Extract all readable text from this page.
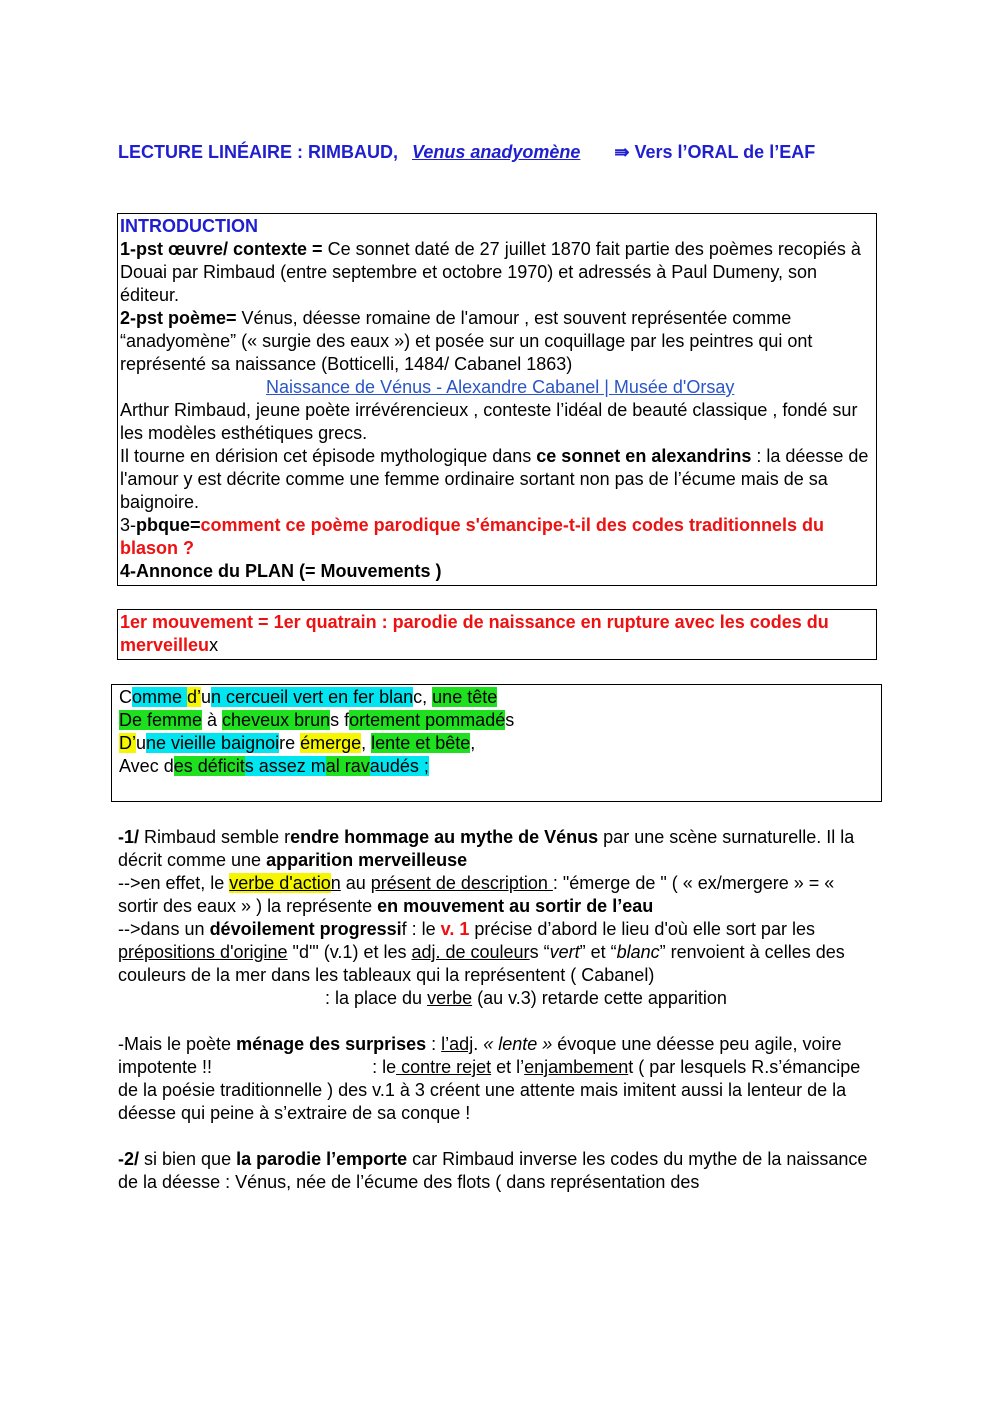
LECTURE LINÉAIRE : RIMBAUD, Venus anadyomène ⇛ Vers l’ORAL de l’EAF
INTRODUCTION

1-pst œuvre/ contexte = Ce sonnet daté de 27 juillet 1870 fait partie des poèmes recopiés à Douai par Rimbaud (entre septembre et octobre 1970) et adressés à Paul Dumeny, son éditeur.

2-pst poème= Vénus, déesse romaine de l'amour , est souvent représentée comme “anadyomène” (« surgie des eaux ») et posée sur un coquillage par les peintres qui ont représenté sa naissance (Botticelli, 1484/ Cabanel 1863)

Naissance de Vénus - Alexandre Cabanel | Musée d'Orsay

Arthur Rimbaud, jeune poète irrévérencieux , conteste l’idéal de beauté classique , fondé sur les modèles esthétiques grecs.

Il tourne en dérision cet épisode mythologique dans ce sonnet en alexandrins : la déesse de l'amour y est décrite comme une femme ordinaire sortant non pas de l’écume mais de sa baignoire.

3-pbque=comment ce poème parodique s'émancipe-t-il des codes traditionnels du blason ?

4-Annonce du PLAN (= Mouvements )

1er mouvement = 1er quatrain : parodie de naissance en rupture avec les codes du merveilleux
Comme d’un cercueil vert en fer blanc, une tête
De femme à cheveux bruns fortement pommadés
D’une vieille baignoire émerge, lente et bête,
Avec des déficits assez mal ravaudés ;

-1/ Rimbaud semble rendre hommage au mythe de Vénus par une scène surnaturelle. Il la décrit comme une apparition merveilleuse

-->en effet, le verbe d'action au présent de description : "émerge de " ( « ex/mergere » = « sortir des eaux » ) la représente en mouvement au sortir de l’eau

-->dans un dévoilement progressif : le v. 1 précise d’abord le lieu d'où elle sort par les prépositions d'origine "d'" (v.1) et les adj. de couleurs “vert” et “blanc” renvoient à celles des couleurs de la mer dans les tableaux qui la représentent ( Cabanel)

: la place du verbe (au v.3) retarde cette apparition

-Mais le poète ménage des surprises : l’adj. « lente » évoque une déesse peu agile, voire impotente !!	: le contre rejet et l’enjambement ( par lesquels R.s’émancipe de la poésie traditionnelle ) des v.1 à 3 créent une attente mais imitent aussi la lenteur de la déesse qui peine à s’extraire de sa conque !

-2/ si bien que la parodie l’emporte car Rimbaud inverse les codes du mythe de la naissance de la déesse : Vénus, née de l’écume des flots ( dans représentation des
